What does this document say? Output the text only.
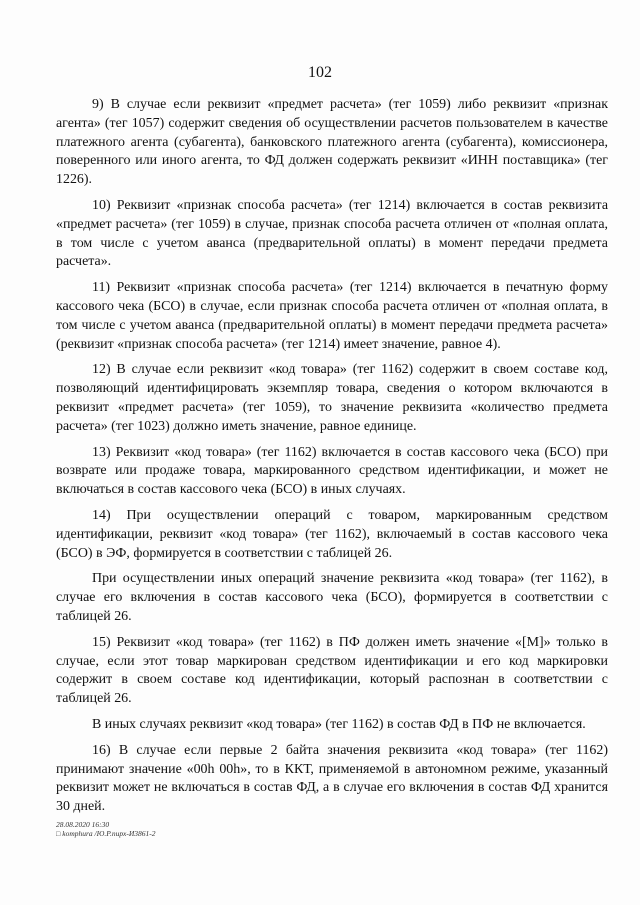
102

9) В случае если реквизит «предмет расчета» (тег 1059) либо реквизит «признак агента» (тег 1057) содержит сведения об осуществлении расчетов пользователем в качестве платежного агента (субагента), банковского платежного агента (субагента), комиссионера, поверенного или иного агента, то ФД должен содержать реквизит «ИНН поставщика» (тег 1226).

10) Реквизит «признак способа расчета» (тег 1214) включается в состав реквизита «предмет расчета» (тег 1059) в случае, признак способа расчета отличен от «полная оплата, в том числе с учетом аванса (предварительной оплаты) в момент передачи предмета расчета».

11) Реквизит «признак способа расчета» (тег 1214) включается в печатную форму кассового чека (БСО) в случае, если признак способа расчета отличен от «полная оплата, в том числе с учетом аванса (предварительной оплаты) в момент передачи предмета расчета» (реквизит «признак способа расчета» (тег 1214) имеет значение, равное 4).

12) В случае если реквизит «код товара» (тег 1162) содержит в своем составе код, позволяющий идентифицировать экземпляр товара, сведения о котором включаются в реквизит «предмет расчета» (тег 1059), то значение реквизита «количество предмета расчета» (тег 1023) должно иметь значение, равное единице.

13) Реквизит «код товара» (тег 1162) включается в состав кассового чека (БСО) при возврате или продаже товара, маркированного средством идентификации, и может не включаться в состав кассового чека (БСО) в иных случаях.

14) При осуществлении операций с товаром, маркированным средством идентификации, реквизит «код товара» (тег 1162), включаемый в состав кассового чека (БСО) в ЭФ, формируется в соответствии с таблицей 26.

При осуществлении иных операций значение реквизита «код товара» (тег 1162), в случае его включения в состав кассового чека (БСО), формируется в соответствии с таблицей 26.

15) Реквизит «код товара» (тег 1162) в ПФ должен иметь значение «[M]» только в случае, если этот товар маркирован средством идентификации и его код маркировки содержит в своем составе код идентификации, который распознан в соответствии с таблицей 26.

В иных случаях реквизит «код товара» (тег 1162) в состав ФД в ПФ не включается.

16) В случае если первые 2 байта значения реквизита «код товара» (тег 1162) принимают значение «00h 00h», то в ККТ, применяемой в автономном режиме, указанный реквизит может не включаться в состав ФД, а в случае его включения в состав ФД хранится 30 дней.

28.08.2020 16:30
□ komphura /Ю.Р.пирх-И3861-2
